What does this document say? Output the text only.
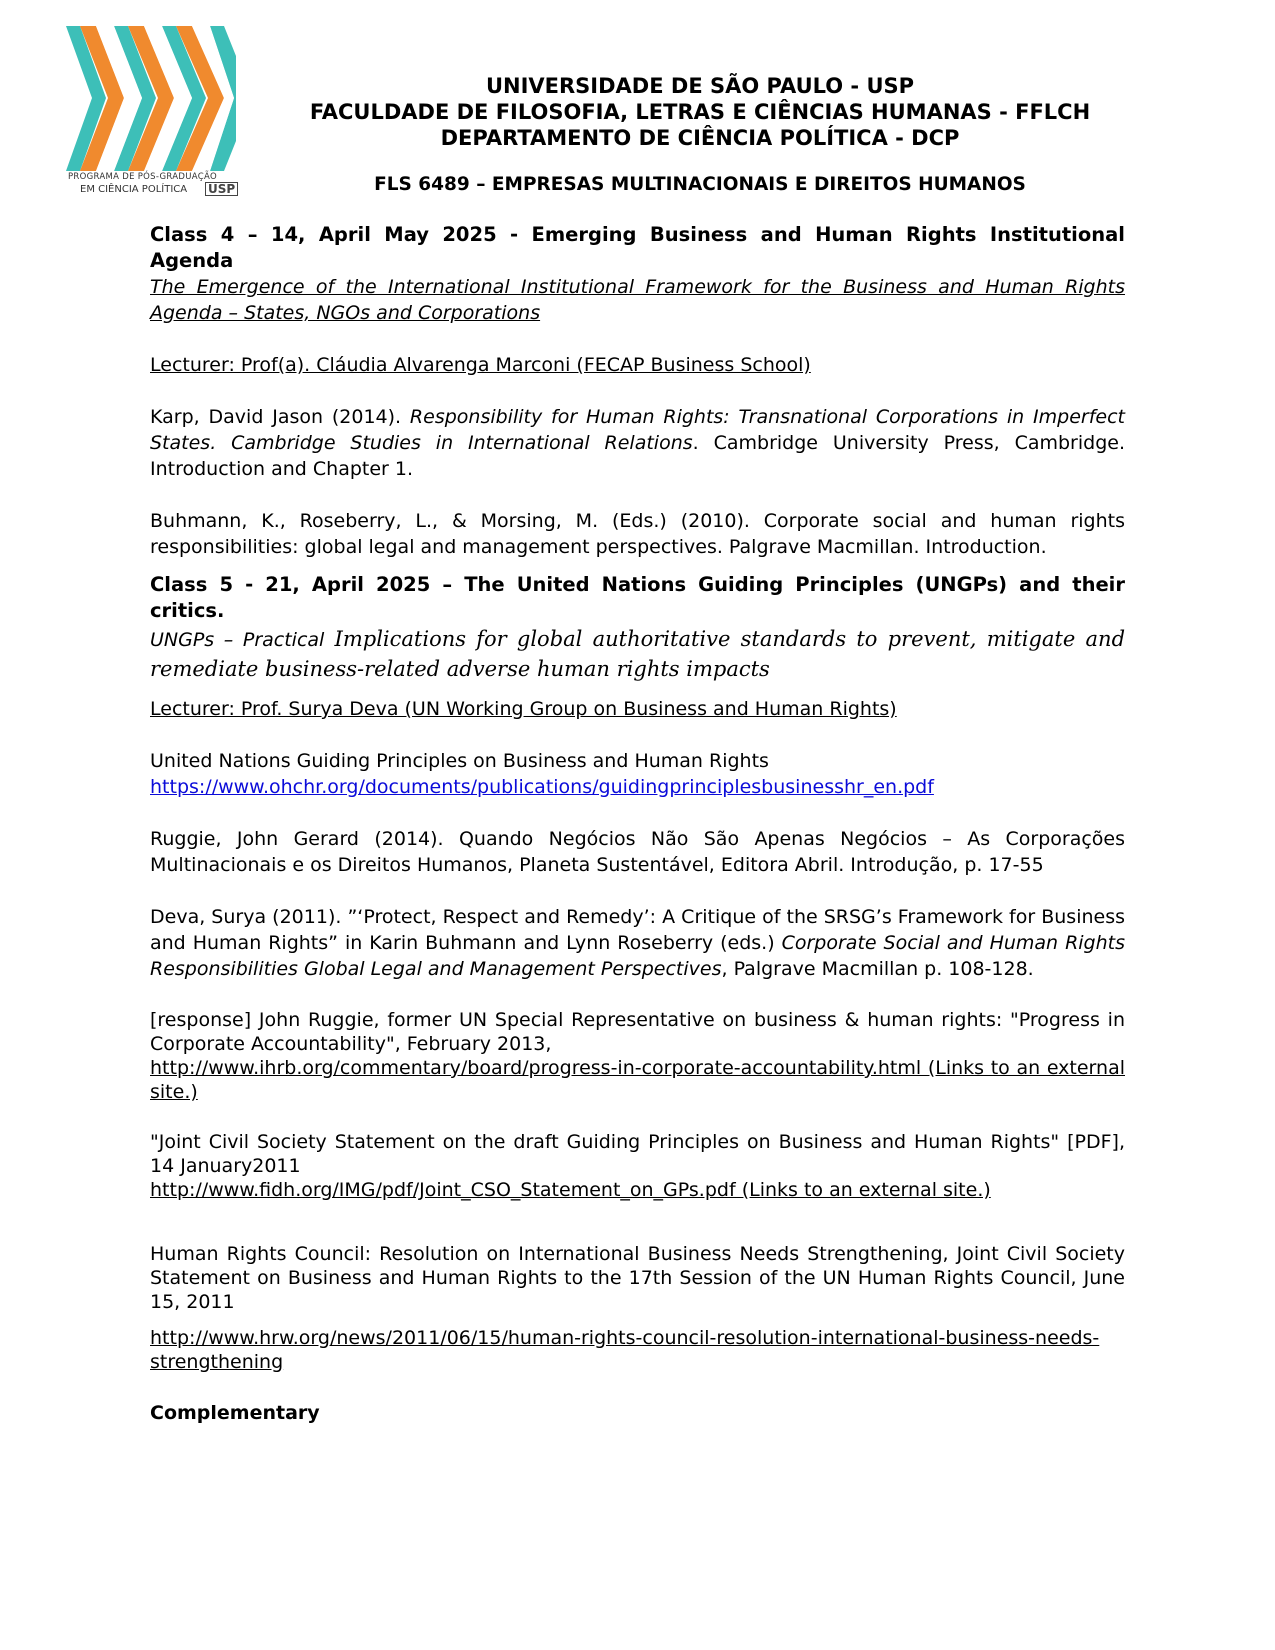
PROGRAMA DE PÓS-GRADUAÇÃO
EM CIÊNCIA POLÍTICA USP
UNIVERSIDADE DE SÃO PAULO - USP
FACULDADE DE FILOSOFIA, LETRAS E CIÊNCIAS HUMANAS - FFLCH
DEPARTAMENTO DE CIÊNCIA POLÍTICA - DCP
FLS 6489 – EMPRESAS MULTINACIONAIS E DIREITOS HUMANOS

Class 4 – 14, April May 2025 - Emerging Business and Human Rights Institutional Agenda

The Emergence of the International Institutional Framework for the Business and Human Rights Agenda – States, NGOs and Corporations

Lecturer: Prof(a). Cláudia Alvarenga Marconi (FECAP Business School)

Karp, David Jason (2014). Responsibility for Human Rights: Transnational Corporations in Imperfect States. Cambridge Studies in International Relations. Cambridge University Press, Cambridge. Introduction and Chapter 1.

Buhmann, K., Roseberry, L., & Morsing, M. (Eds.) (2010). Corporate social and human rights responsibilities: global legal and management perspectives. Palgrave Macmillan. Introduction.

Class 5 - 21, April 2025 – The United Nations Guiding Principles (UNGPs) and their critics.

UNGPs – Practical Implications for global authoritative standards to prevent, mitigate and remediate business-related adverse human rights impacts

Lecturer: Prof. Surya Deva (UN Working Group on Business and Human Rights)

United Nations Guiding Principles on Business and Human Rights

https://www.ohchr.org/documents/publications/guidingprinciplesbusinesshr_en.pdf

Ruggie, John Gerard (2014). Quando Negócios Não São Apenas Negócios – As Corporações Multinacionais e os Direitos Humanos, Planeta Sustentável, Editora Abril. Introdução, p. 17-55

Deva, Surya (2011). ”‘Protect, Respect and Remedy’: A Critique of the SRSG’s Framework for Business and Human Rights” in Karin Buhmann and Lynn Roseberry (eds.) Corporate Social and Human Rights Responsibilities Global Legal and Management Perspectives, Palgrave Macmillan p. 108-128.

[response] John Ruggie, former UN Special Representative on business & human rights: "Progress in Corporate Accountability", February 2013,

http://www.ihrb.org/commentary/board/progress-in-corporate-accountability.html (Links to an external site.)

"Joint Civil Society Statement on the draft Guiding Principles on Business and Human Rights" [PDF], 14 January2011

http://www.fidh.org/IMG/pdf/Joint_CSO_Statement_on_GPs.pdf (Links to an external site.)

Human Rights Council: Resolution on International Business Needs Strengthening, Joint Civil Society Statement on Business and Human Rights to the 17th Session of the UN Human Rights Council, June 15, 2011

http://www.hrw.org/news/2011/06/15/human-rights-council-resolution-international-business-needs-strengthening

Complementary
